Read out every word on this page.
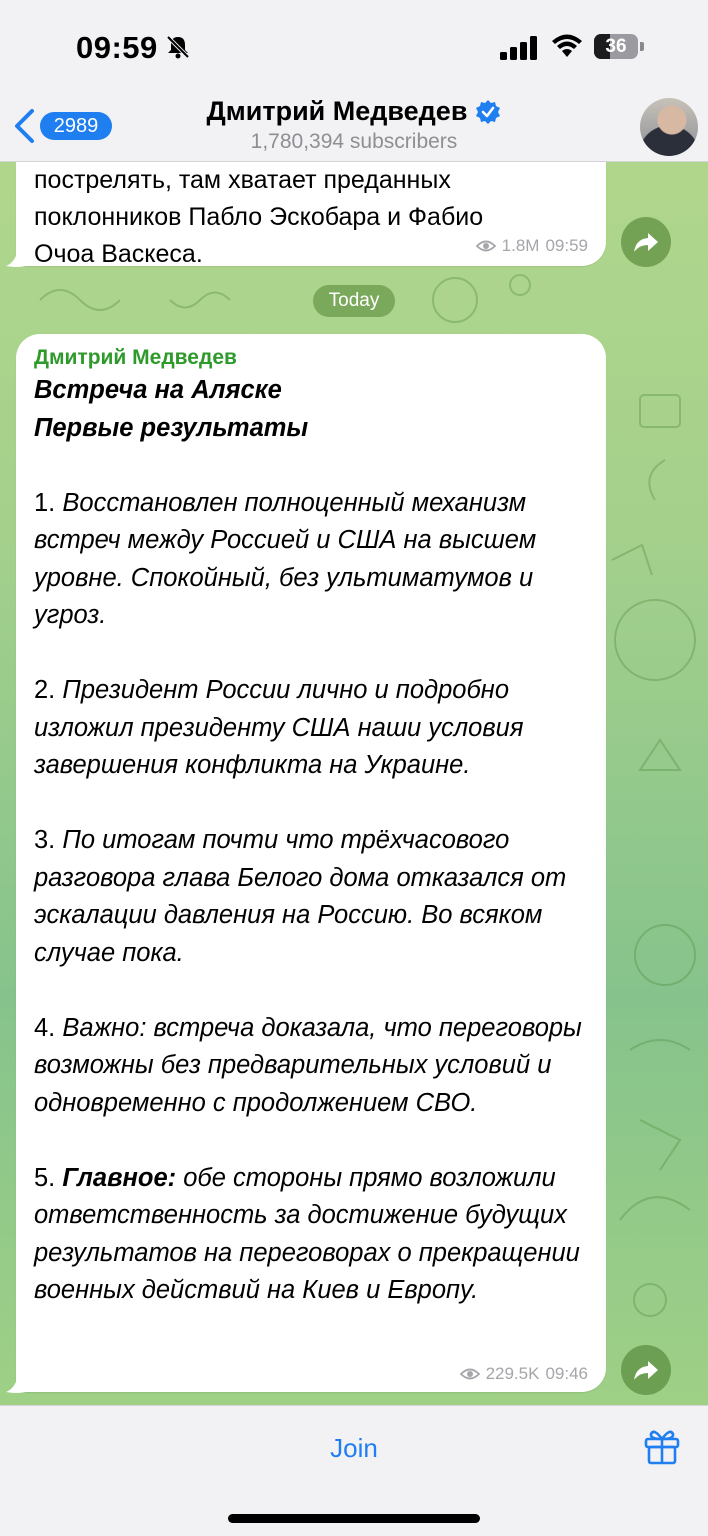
пострелять, там хватает преданных
поклонников Пабло Эскобара и Фабио
Очоа Васкеса.	1.8M 09:59
09:59	36
2989	Дмитрий Медведев
1,780,394 subscribers
Today
Дмитрий Медведев
Встреча на Аляске
Первые результаты
1. Восстановлен полноценный механизм встреч между Россией и США на высшем уровне. Спокойный, без ультиматумов и угроз.
2. Президент России лично и подробно изложил президенту США наши условия завершения конфликта на Украине.
3. По итогам почти что трёхчасового разговора глава Белого дома отказался от эскалации давления на Россию. Во всяком случае пока.
4. Важно: встреча доказала, что переговоры возможны без предварительных условий и одновременно с продолжением СВО.
5. Главное: обе стороны прямо возложили ответственность за достижение будущих результатов на переговорах о прекращении военных действий на Киев и Европу.
229.5K 09:46
Join
